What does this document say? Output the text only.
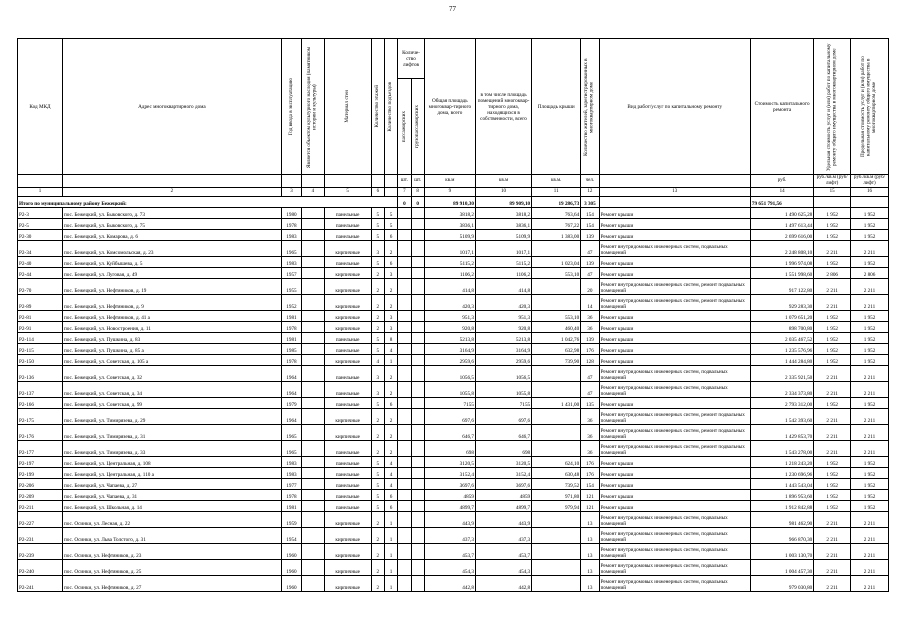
77
Код МКД	Адрес многоквартирного дома	Год ввода в эксплуатацию	Является объектом культурного наследия (памятником истории и культуры)	Материал стен	Количество этажей	Количество подъездов	Количе-ство лифтов		Общая площадь многоквар-тирного дома, всего	в том числе площадь помещений многоквар-тирного дома, находящихся в собственности, всего	Площадь крыши	Количество жителей, зарегистрированных в многоквартирном доме	Вид работ/услуг по капитальному ремонту	Стоимость капитального ремонта	Удельная стоимость услуг и (или) работ по капитальному ремонту общего имущества в многоквартирном доме	Предельная стоимость услуг и (или) работ по капитальному ремонту общего имущества в многоквартирном доме

							пассажирских	грузопассажирских								

							шт.	шт.	кв.м	кв.м	кв.м.	чел.		руб.	руб./кв.м (руб/лифт)	руб./кв.м (руб/лифт)
1	2	3	4	5	6		7	8	9	10	11	12	13	14	15	16
Итого по муниципальному району Бежецкий:							0	0	89 910,30	89 909,10	19 286,73	3 305		79 651 791,56		
P2-3	пос. Бежецкий, ул. Быковского, д. 73	1980		панельные	5	5			3818,2	3818,2	763,64	154	Ремонт крыши	1 490 625,28	1 952	1 952
P2-5	пос. Бежецкий, ул. Быковского, д. 75	1978		панельные	5	5			3836,1	3836,1	767,22	154	Ремонт крыши	1 497 613,44	1 952	1 952
P2-30	пос. Бежецкий, ул. Комарова, д. 6	1983		панельные	5	6			5109,9	5109,9	1 383,00	139	Ремонт крыши	2 699 616,00	1 952	1 952
P2-34	пос. Бежецкий, ул. Комсомольская, д. 23	1965		кирпичные	3	2			1017,1	1017,1		47	Ремонт внутридомовых инженерных систем, подвальных помещений	2 248 808,10	2 211	2 211
P2-40	пос. Бежецкий, ул. Куйбышева, д. 5	1983		панельные	5	6			5115,2	5115,2	1 023,04	139	Ремонт крыши	1 996 974,08	1 952	1 952
P2-44	пос. Бежецкий, ул. Луговая, д. 49	1957		кирпичные	2	3			1106,2	1106,2	553,10	47	Ремонт крыши	1 551 998,60	2 806	2 806
P2-70	пос. Бежецкий, ул. Нефтяников, д. 19	1955		кирпичные	2	2			414,8	414,8		20	Ремонт внутридомовых инженерных систем, ремонт подвальных помещений	917 122,80	2 211	2 211
P2-89	пос. Бежецкий, ул. Нефтяников, д. 9	1952		кирпичные	2	2			420,3	420,3		14	Ремонт внутридомовых инженерных систем, ремонт подвальных помещений	929 283,30	2 211	2 211
P2-81	пос. Бежецкий, ул. Нефтяников, д. 41 а	1981		кирпичные	2	3			951,3	951,3	553,10	36	Ремонт крыши	1 079 651,20	1 952	1 952
P2-91	пос. Бежецкий, ул. Новостроения, д. 11	1978		кирпичные	2	3			920,8	920,8	460,40	36	Ремонт крыши	898 700,80	1 952	1 952
P2-114	пос. Бежецкий, ул. Пушкина, д. 83	1981		панельные	5	8			5213,8	5213,8	1 042,76	139	Ремонт крыши	2 035 467,52	1 952	1 952
P2-115	пос. Бежецкий, ул. Пушкина, д. 85 а	1985		панельные	5	4			3164,9	3164,9	632,98	176	Ремонт крыши	1 235 576,96	1 952	1 952
P2-150	пос. Бежецкий, ул. Советская, д. 105 а	1978		кирпичные	4	1			2959,6	2959,6	739,90	128	Ремонт крыши	1 444 284,80	1 952	1 952
P2-136	пос. Бежецкий, ул. Советская, д. 32	1964		панельные	3	2			1056,5	1056,5		47	Ремонт внутридомовых инженерных систем, подвальных помещений	2 335 921,50	2 211	2 211
P2-137	пос. Бежецкий, ул. Советская, д. 34	1964		панельные	3	2			1055,8	1055,8		47	Ремонт внутридомовых инженерных систем, подвальных помещений	2 334 373,80	2 211	2 211
P2-166	пос. Бежецкий, ул. Советская, д. 99	1979		панельные	5	6			7155	7155	1 431,00	135	Ремонт крыши	2 793 312,00	1 952	1 952
P2-175	пос. Бежецкий, ул. Тимирязева, д. 29	1964		кирпичные	2	2			697,6	697,6		36	Ремонт внутридомовых инженерных систем, ремонт подвальных помещений	1 542 393,60	2 211	2 211
P2-176	пос. Бежецкий, ул. Тимирязева, д. 31	1965		кирпичные	2	2			646,7	646,7		36	Ремонт внутридомовых инженерных систем, ремонт подвальных помещений	1 429 853,70	2 211	2 211
P2-177	пос. Бежецкий, ул. Тимирязева, д. 33	1965		панельные	2	2			698	698		36	Ремонт внутридомовых инженерных систем, ремонт подвальных помещений	1 543 278,00	2 211	2 211
P2-197	пос. Бежецкий, ул. Центральная, д. 108	1983		панельные	5	4			3120,5	3120,5	624,10	176	Ремонт крыши	1 218 243,20	1 952	1 952
P2-199	пос. Бежецкий, ул. Центральная, д. 110 а	1983		панельные	5	4			3152,4	3152,4	630,48	176	Ремонт крыши	1 230 696,96	1 952	1 952
P2-206	пос. Бежецкий, ул. Чапаева, д. 27	1977		панельные	5	4			3697,6	3697,6	739,52	154	Ремонт крыши	1 443 543,04	1 952	1 952
P2-209	пос. Бежецкий, ул. Чапаева, д. 31	1978		панельные	5	6			4859	4859	971,80	121	Ремонт крыши	1 896 953,60	1 952	1 952
P2-211	пос. Бежецкий, ул. Школьная, д. 14	1981		панельные	5	6			4899,7	4899,7	979,94	121	Ремонт крыши	1 912 842,88	1 952	1 952
P2-227	пос. Осинки, ул. Лесная, д. 22	1959		кирпичные	2	1			443,9	443,9		13	Ремонт внутридомовых инженерных систем, подвальных помещений	981 462,90	2 211	2 211
P2-231	пос. Осинки, ул. Льва Толстого, д. 31	1954		кирпичные	2	1			437,3	437,3		13	Ремонт внутридомовых инженерных систем, подвальных помещений	966 870,30	2 211	2 211
P2-239	пос. Осинки, ул. Нефтяников, д. 23	1960		кирпичные	2	1			453,7	453,7		13	Ремонт внутридомовых инженерных систем, подвальных помещений	1 003 130,70	2 211	2 211
P2-240	пос. Осинки, ул. Нефтяников, д. 25	1960		кирпичные	2	1			454,3	454,3		13	Ремонт внутридомовых инженерных систем, подвальных помещений	1 004 457,30	2 211	2 211
P2-241	пос. Осинки, ул. Нефтяников, д. 27	1960		кирпичные	2	1			442,8	442,8		13	Ремонт внутридомовых инженерных систем, подвальных помещений	979 030,80	2 211	2 211
